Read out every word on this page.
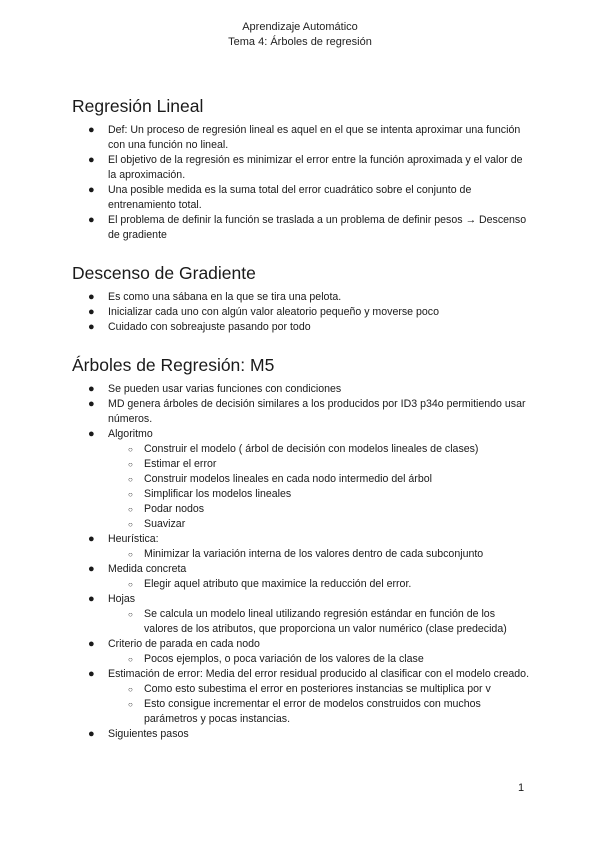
Aprendizaje Automático
Tema 4: Árboles de regresión
Regresión Lineal
● Def: Un proceso de regresión lineal es aquel en el que se intenta aproximar una función con una función no lineal.
● El objetivo de la regresión es minimizar el error entre la función aproximada y el valor de la aproximación.
● Una posible medida es la suma total del error cuadrático sobre el conjunto de entrenamiento total.
● El problema de definir la función se traslada a un problema de definir pesos → Descenso de gradiente
Descenso de Gradiente
● Es como una sábana en la que se tira una pelota.
● Inicializar cada uno con algún valor aleatorio pequeño y moverse poco
● Cuidado con sobreajuste pasando por todo
Árboles de Regresión: M5
● Se pueden usar varias funciones con condiciones
● MD genera árboles de decisión similares a los producidos por ID3 p34o permitiendo usar números.
● Algoritmo
○ Construir el modelo ( árbol de decisión con modelos lineales de clases)
○ Estimar el error
○ Construir modelos lineales en cada nodo intermedio del árbol
○ Simplificar los modelos lineales
○ Podar nodos
○ Suavizar
● Heurística:
○ Minimizar la variación interna de los valores dentro de cada subconjunto
● Medida concreta
○ Elegir aquel atributo que maximice la reducción del error.
● Hojas
○ Se calcula un modelo lineal utilizando regresión estándar en función de los valores de los atributos, que proporciona un valor numérico (clase predecida)
● Criterio de parada en cada nodo
○ Pocos ejemplos, o poca variación de los valores de la clase
● Estimación de error: Media del error residual producido al clasificar con el modelo creado.
○ Como esto subestima el error en posteriores instancias se multiplica por v
○ Esto consigue incrementar el error de modelos construidos con muchos parámetros y pocas instancias.
● Siguientes pasos
1
